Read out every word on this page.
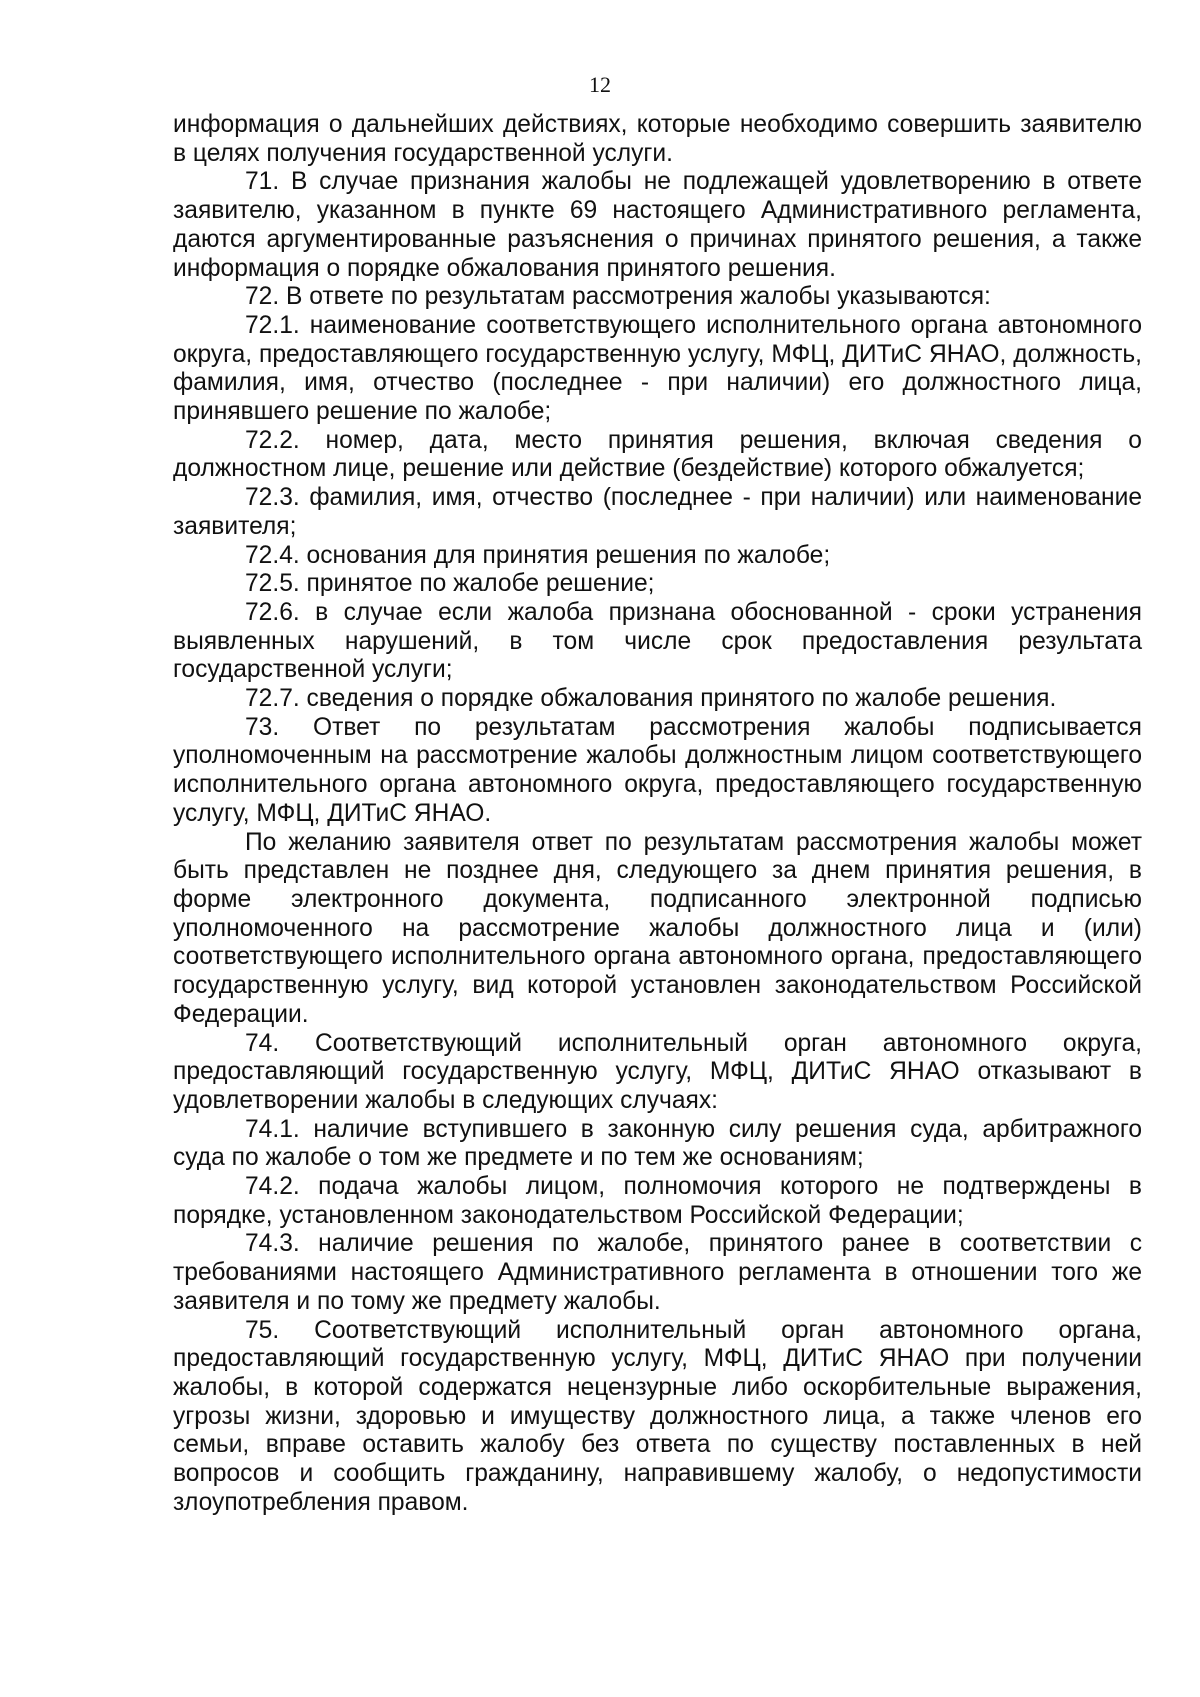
12

информация о дальнейших действиях, которые необходимо совершить заявителю в целях получения государственной услуги.

71. В случае признания жалобы не подлежащей удовлетворению в ответе заявителю, указанном в пункте 69 настоящего Административного регламента, даются аргументированные разъяснения о причинах принятого решения, а также информация о порядке обжалования принятого решения.

72. В ответе по результатам рассмотрения жалобы указываются:

72.1. наименование соответствующего исполнительного органа автономного округа, предоставляющего государственную услугу, МФЦ, ДИТиС ЯНАО, должность, фамилия, имя, отчество (последнее - при наличии) его должностного лица, принявшего решение по жалобе;

72.2. номер, дата, место принятия решения, включая сведения о должностном лице, решение или действие (бездействие) которого обжалуется;

72.3. фамилия, имя, отчество (последнее - при наличии) или наименование заявителя;

72.4. основания для принятия решения по жалобе;

72.5. принятое по жалобе решение;

72.6. в случае если жалоба признана обоснованной - сроки устранения выявленных нарушений, в том числе срок предоставления результата государственной услуги;

72.7. сведения о порядке обжалования принятого по жалобе решения.

73. Ответ по результатам рассмотрения жалобы подписывается уполномоченным на рассмотрение жалобы должностным лицом соответствующего исполнительного органа автономного округа, предоставляющего государственную услугу, МФЦ, ДИТиС ЯНАО.

По желанию заявителя ответ по результатам рассмотрения жалобы может быть представлен не позднее дня, следующего за днем принятия решения, в форме электронного документа, подписанного электронной подписью уполномоченного на рассмотрение жалобы должностного лица и (или) соответствующего исполнительного органа автономного органа, предоставляющего государственную услугу, вид которой установлен законодательством Российской Федерации.

74. Соответствующий исполнительный орган автономного округа, предоставляющий государственную услугу, МФЦ, ДИТиС ЯНАО отказывают в удовлетворении жалобы в следующих случаях:

74.1. наличие вступившего в законную силу решения суда, арбитражного суда по жалобе о том же предмете и по тем же основаниям;

74.2. подача жалобы лицом, полномочия которого не подтверждены в порядке, установленном законодательством Российской Федерации;

74.3. наличие решения по жалобе, принятого ранее в соответствии с требованиями настоящего Административного регламента в отношении того же заявителя и по тому же предмету жалобы.

75. Соответствующий исполнительный орган автономного органа, предоставляющий государственную услугу, МФЦ, ДИТиС ЯНАО при получении жалобы, в которой содержатся нецензурные либо оскорбительные выражения, угрозы жизни, здоровью и имуществу должностного лица, а также членов его семьи, вправе оставить жалобу без ответа по существу поставленных в ней вопросов и сообщить гражданину, направившему жалобу, о недопустимости злоупотребления правом.
